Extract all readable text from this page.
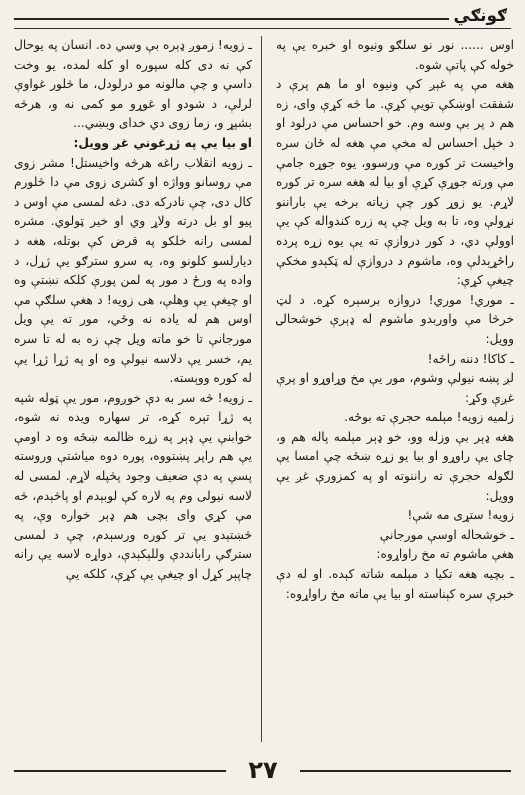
ګونګي

اوس ...... نور نو سلګو ونیوه او خبره یې په خوله کې پاتې شوه.

هغه مې په غېږ کې ونیوه او ما هم پرې د شفقت اوښکې تویې کړې. ما څه کړې وای، زه هم د پر بې وسه وم. خو احساس مې درلود او د خپل احساس له مخې مې هغه له ځان سره واخیست تر کوره مې ورسوو، یوه جوړه جامې مې ورته جوړې کړې او بیا له هغه سره تر کوره لاړم. یو زوړ کور چې زیاته برخه یې باراننو نړولې وه، تا به ویل چې په زره کندواله کې یې اوولې دي، د کور دروازې ته یې یوه زړه پرده راځړېدلې وه، ماشوم د دروازې له ټکېدو مخکې چیغې کړې:

ـ موري! موري! دروازه برسېره کړه. د لټ خرڅا مې واوربدو ماشوم له ډېرې خوشحالۍ وویل:

ـ کاکا! دننه راځه!

لږ پښه نیولې وشوم، مور یې مخ وړاوړو او پرې غږې وکړ:

زلمیه زویه! مېلمه حجرې ته بوځه.

هغه ډېر بې وزله وو، خو ډېر مېلمه پاله هم و، چای یې راوړو او بیا یو زړه ښځه چې امسا یې لګوله حجرې ته راننوته او په کمزورې غږ یې وویل:

زویه! ستړی مه شې!

ـ خوشحاله اوسې مورجانې

هغې ماشوم ته مخ راواړوه:

ـ بچیه هغه تکیا د مېلمه شاته کېده. او له دې خبرې سره کېناسته او بیا یې ماته مخ راواړوه:

ـ زویه! زموږ ډېره بې وسي ده. انسان په یوحال کې نه دی کله سپوره او کله لمده، یو وخت داسې و چې مالونه مو درلودل، ما څلور غواوې لرلې، د شودو او غوړو مو کمی نه و، هرڅه بشپړ و، زما زوی دي خدای وبښي...

او بیا یې په ژړغوني غږ وویل:

ـ زویه انقلاب راغه هرڅه واخیستل! مشر زوی مې روسانو وواژه او کشری زوی مې دا څلورم کال دی، چې نادرکه دی. دغه لمسی مې اوس د پیو او بل درته ولاړ وي او خیر ټولوي. مشره لمسی رانه خلکو په قرض کې بوتله، هغه د دیارلسو کلونو وه، په سرو سترګو یې ژړل، د واده په ورځ د مور په لمن پورې کلکه نښتې وه او چیغې یې وهلې، هی زویه! د هغې سلګې مې اوس هم له یاده نه وځي، مور ته یې ویل مورجانې تا خو ماته ویل چې زه به له تا سره یم، خسر یې دلاسه نیولې وه او په ژړا ژړا یې له کوره ووېسته.

ـ زویه! څه سر به دې خوږوم، مور یې ټوله شپه په ژړا تېره کړه، تر سهاره ویده نه شوه، خوابنې یې ډېر په زړه ظالمه ښځه وه د اومې یې هم راپر پښتووه، پوره دوه میاشتې وروسته پسې په دې ضعیف وجود پڅپله لاړم. لمسی له لاسه نیولی وم په لاره کې لوبېدم او پاڅېدم، څه مې کړي وای بچی هم ډېر خواره وې، په څښتېدو یې تر کوره ورسېدم، چې د لمسی سترګې رابانددې وللېکېدې، دواړه لاسه یې رانه چاپېر کړل او چیغې یې کړې، کلکه یې

۲۷
